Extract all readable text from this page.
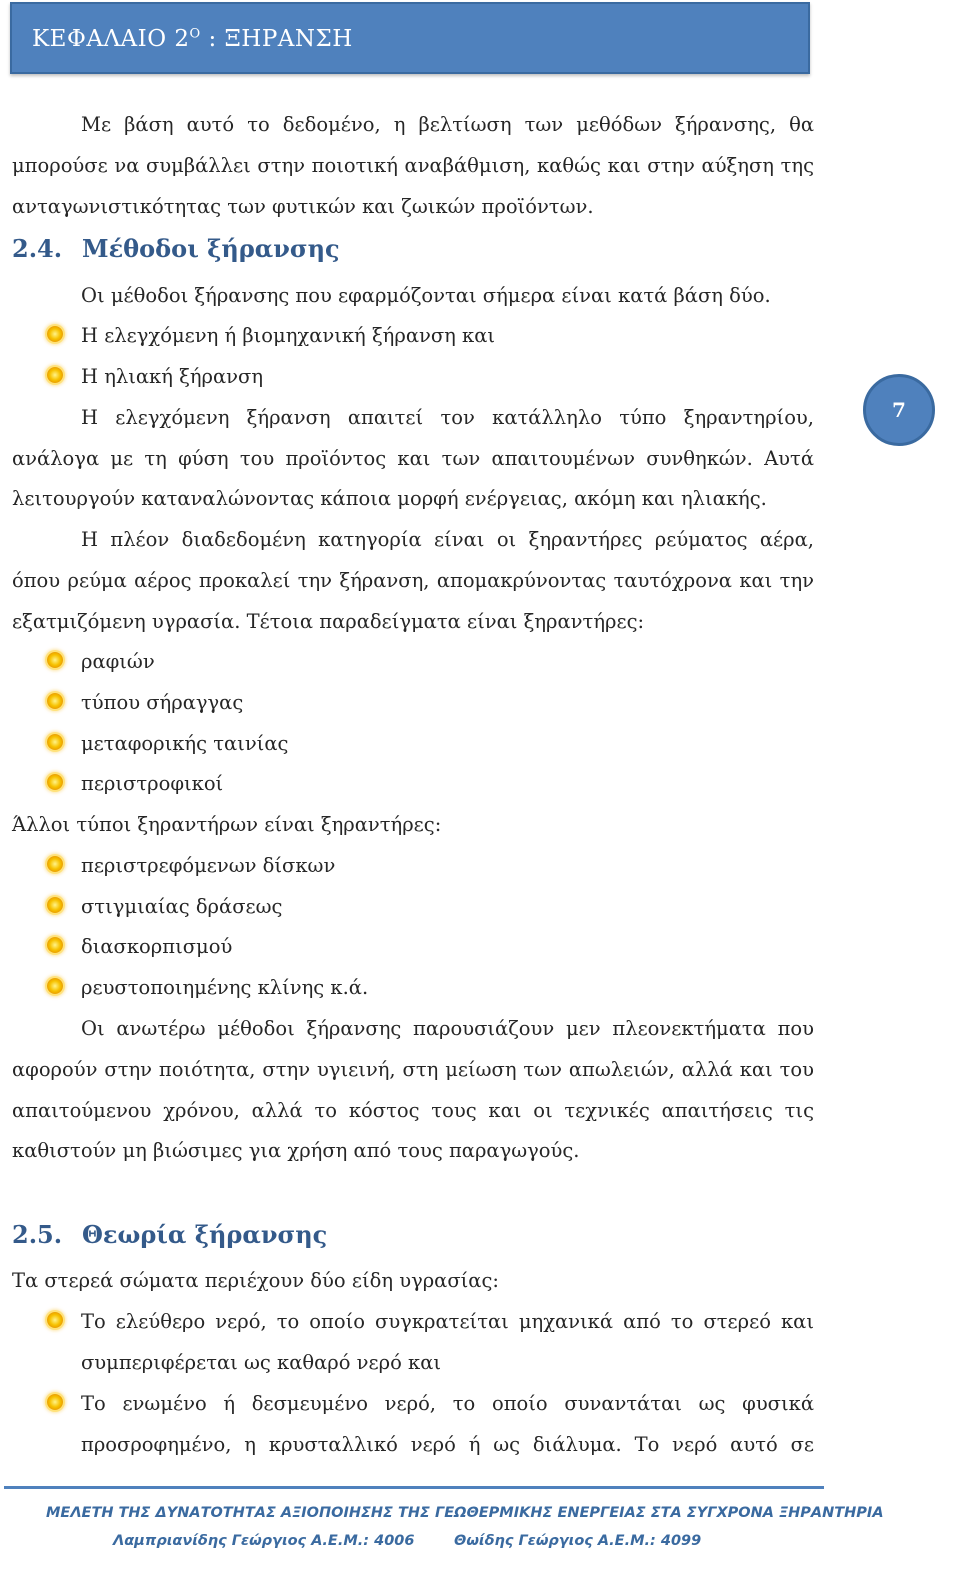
ΚΕΦΑΛΑΙΟ $2^O$ : ΞΗΡΑΝΣΗ
7
Με βάση αυτό το δεδομένο, η βελτίωση των μεθόδων ξήρανσης, θα
μπορούσε να συμβάλλει στην ποιοτική αναβάθμιση, καθώς και στην αύξηση της
ανταγωνιστικότητας των φυτικών και ζωικών προϊόντων.
2.4. Μέθοδοι ξήρανσης
Οι μέθοδοι ξήρανσης που εφαρμόζονται σήμερα είναι κατά βάση δύο.
Η ελεγχόμενη ή βιομηχανική ξήρανση και
Η ηλιακή ξήρανση
Η ελεγχόμενη ξήρανση απαιτεί τον κατάλληλο τύπο ξηραντηρίου,
ανάλογα με τη φύση του προϊόντος και των απαιτουμένων συνθηκών. Αυτά
λειτουργούν καταναλώνοντας κάποια μορφή ενέργειας, ακόμη και ηλιακής.
Η πλέον διαδεδομένη κατηγορία είναι οι ξηραντήρες ρεύματος αέρα,
όπου ρεύμα αέρος προκαλεί την ξήρανση, απομακρύνοντας ταυτόχρονα και την
εξατμιζόμενη υγρασία. Τέτοια παραδείγματα είναι ξηραντήρες:
ραφιών
τύπου σήραγγας
μεταφορικής ταινίας
περιστροφικοί
Άλλοι τύποι ξηραντήρων είναι ξηραντήρες:
περιστρεφόμενων δίσκων
στιγμιαίας δράσεως
διασκορπισμού
ρευστοποιημένης κλίνης κ.ά.
Οι ανωτέρω μέθοδοι ξήρανσης παρουσιάζουν μεν πλεονεκτήματα που
αφορούν στην ποιότητα, στην υγιεινή, στη μείωση των απωλειών, αλλά και του
απαιτούμενου χρόνου, αλλά το κόστος τους και οι τεχνικές απαιτήσεις τις
καθιστούν μη βιώσιμες για χρήση από τους παραγωγούς.
2.5. Θεωρία ξήρανσης
Τα στερεά σώματα περιέχουν δύο είδη υγρασίας:
Το ελεύθερο νερό, το οποίο συγκρατείται μηχανικά από το στερεό και
συμπεριφέρεται ως καθαρό νερό και
Το ενωμένο ή δεσμευμένο νερό, το οποίο συναντάται ως φυσικά
προσροφημένο, η κρυσταλλικό νερό ή ως διάλυμα. Το νερό αυτό σε
ΜΕΛΕΤΗ ΤΗΣ ΔΥΝΑΤΟΤΗΤΑΣ ΑΞΙΟΠΟΙΗΣΗΣ ΤΗΣ ΓΕΩΘΕΡΜΙΚΗΣ ΕΝΕΡΓΕΙΑΣ ΣΤΑ ΣΥΓΧΡΟΝΑ ΞΗΡΑΝΤΗΡΙΑ
Λαμπριανίδης Γεώργιος Α.Ε.Μ.: 4006	Θωίδης Γεώργιος Α.Ε.Μ.: 4099
